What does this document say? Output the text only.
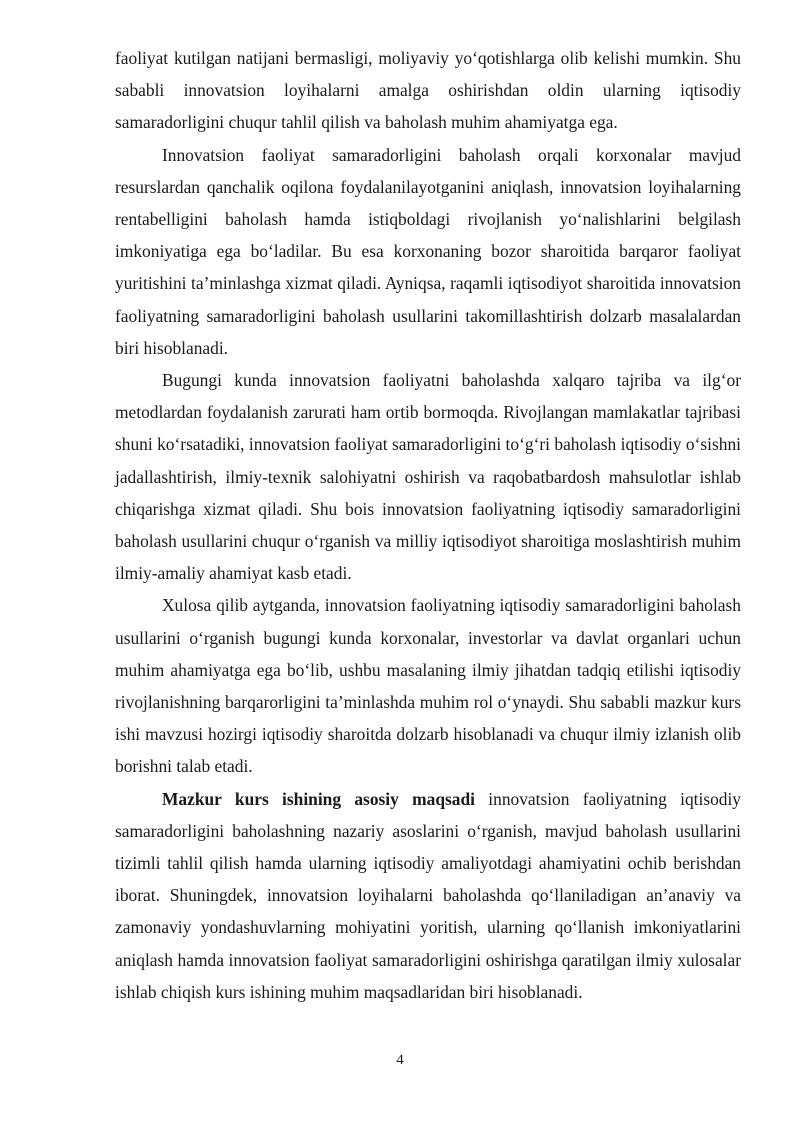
faoliyat kutilgan natijani bermasligi, moliyaviy yo‘qotishlarga olib kelishi mumkin. Shu sababli innovatsion loyihalarni amalga oshirishdan oldin ularning iqtisodiy samaradorligini chuqur tahlil qilish va baholash muhim ahamiyatga ega.

Innovatsion faoliyat samaradorligini baholash orqali korxonalar mavjud resurslardan qanchalik oqilona foydalanilayotganini aniqlash, innovatsion loyihalarning rentabelligini baholash hamda istiqboldagi rivojlanish yo‘nalishlarini belgilash imkoniyatiga ega bo‘ladilar. Bu esa korxonaning bozor sharoitida barqaror faoliyat yuritishini ta’minlashga xizmat qiladi. Ayniqsa, raqamli iqtisodiyot sharoitida innovatsion faoliyatning samaradorligini baholash usullarini takomillashtirish dolzarb masalalardan biri hisoblanadi.

Bugungi kunda innovatsion faoliyatni baholashda xalqaro tajriba va ilg‘or metodlardan foydalanish zarurati ham ortib bormoqda. Rivojlangan mamlakatlar tajribasi shuni ko‘rsatadiki, innovatsion faoliyat samaradorligini to‘g‘ri baholash iqtisodiy o‘sishni jadallashtirish, ilmiy-texnik salohiyatni oshirish va raqobatbardosh mahsulotlar ishlab chiqarishga xizmat qiladi. Shu bois innovatsion faoliyatning iqtisodiy samaradorligini baholash usullarini chuqur o‘rganish va milliy iqtisodiyot sharoitiga moslashtirish muhim ilmiy-amaliy ahamiyat kasb etadi.

Xulosa qilib aytganda, innovatsion faoliyatning iqtisodiy samaradorligini baholash usullarini o‘rganish bugungi kunda korxonalar, investorlar va davlat organlari uchun muhim ahamiyatga ega bo‘lib, ushbu masalaning ilmiy jihatdan tadqiq etilishi iqtisodiy rivojlanishning barqarorligini ta’minlashda muhim rol o‘ynaydi. Shu sababli mazkur kurs ishi mavzusi hozirgi iqtisodiy sharoitda dolzarb hisoblanadi va chuqur ilmiy izlanish olib borishni talab etadi.

Mazkur kurs ishining asosiy maqsadi innovatsion faoliyatning iqtisodiy samaradorligini baholashning nazariy asoslarini o‘rganish, mavjud baholash usullarini tizimli tahlil qilish hamda ularning iqtisodiy amaliyotdagi ahamiyatini ochib berishdan iborat. Shuningdek, innovatsion loyihalarni baholashda qo‘llaniladigan an’anaviy va zamonaviy yondashuvlarning mohiyatini yoritish, ularning qo‘llanish imkoniyatlarini aniqlash hamda innovatsion faoliyat samaradorligini oshirishga qaratilgan ilmiy xulosalar ishlab chiqish kurs ishining muhim maqsadlaridan biri hisoblanadi.

4
